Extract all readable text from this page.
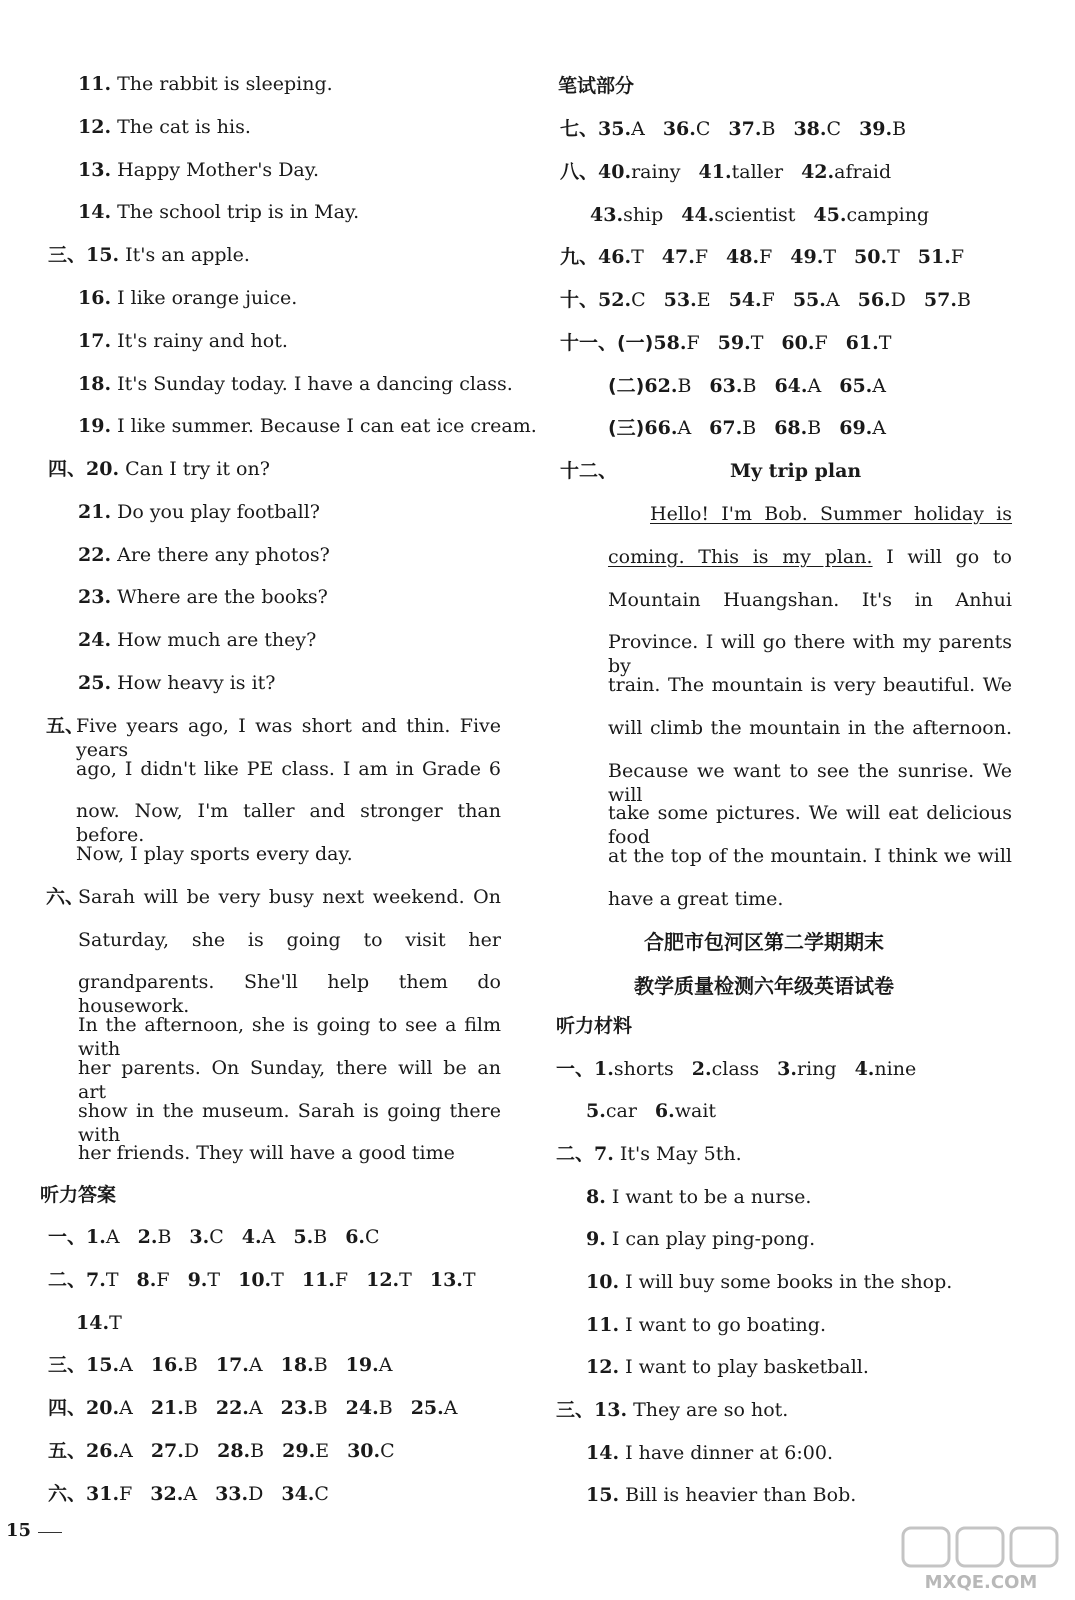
听力答案
笔试部分
合肥市包河区第二学期期末
教学质量检测六年级英语试卷
听力材料
十二、	My trip plan
15
MXQE.COM
11. The rabbit is sleeping.
12. The cat is his.
13. Happy Mother's Day.
14. The school trip is in May.
三、15. It's an apple.
16. I like orange juice.
17. It's rainy and hot.
18. It's Sunday today. I have a dancing class.
19. I like summer. Because I can eat ice cream.
四、20. Can I try it on?
21. Do you play football?
22. Are there any photos?
23. Where are the books?
24. How much are they?
25. How heavy is it?
二、7. It's May 5th.
8. I want to be a nurse.
9. I can play ping-pong.
10. I will buy some books in the shop.
11. I want to go boating.
12. I want to play basketball.
三、13. They are so hot.
14. I have dinner at 6:00.
15. Bill is heavier than Bob.
五、
Five years ago, I was short and thin. Five years
ago, I didn't like PE class. I am in Grade 6
now. Now, I'm taller and stronger than before.
Now, I play sports every day.
六、
Sarah will be very busy next weekend. On
Saturday, she is going to visit her
grandparents. She'll help them do housework.
In the afternoon, she is going to see a film with
her parents. On Sunday, there will be an art
show in the museum. Sarah is going there with
her friends. They will have a good time
一、1.A 2.B 3.C 4.A 5.B 6.C
二、7.T 8.F 9.T 10.T 11.F 12.T 13.T
14.T
三、15.A 16.B 17.A 18.B 19.A
四、20.A 21.B 22.A 23.B 24.B 25.A
五、26.A 27.D 28.B 29.E 30.C
六、31.F 32.A 33.D 34.C
七、35.A 36.C 37.B 38.C 39.B
八、40.rainy 41.taller 42.afraid
43.ship 44.scientist 45.camping
九、46.T 47.F 48.F 49.T 50.T 51.F
十、52.C 53.E 54.F 55.A 56.D 57.B
十一、(一)58.F 59.T 60.F 61.T
(二)62.B 63.B 64.A 65.A
(三)66.A 67.B 68.B 69.A
一、1.shorts 2.class 3.ring 4.nine
5.car 6.wait
Hello! I'm Bob. Summer holiday is
coming. This is my plan. I will go to
Mountain Huangshan. It's in Anhui
Province. I will go there with my parents by
train. The mountain is very beautiful. We
will climb the mountain in the afternoon.
Because we want to see the sunrise. We will
take some pictures. We will eat delicious food
at the top of the mountain. I think we will
have a great time.
